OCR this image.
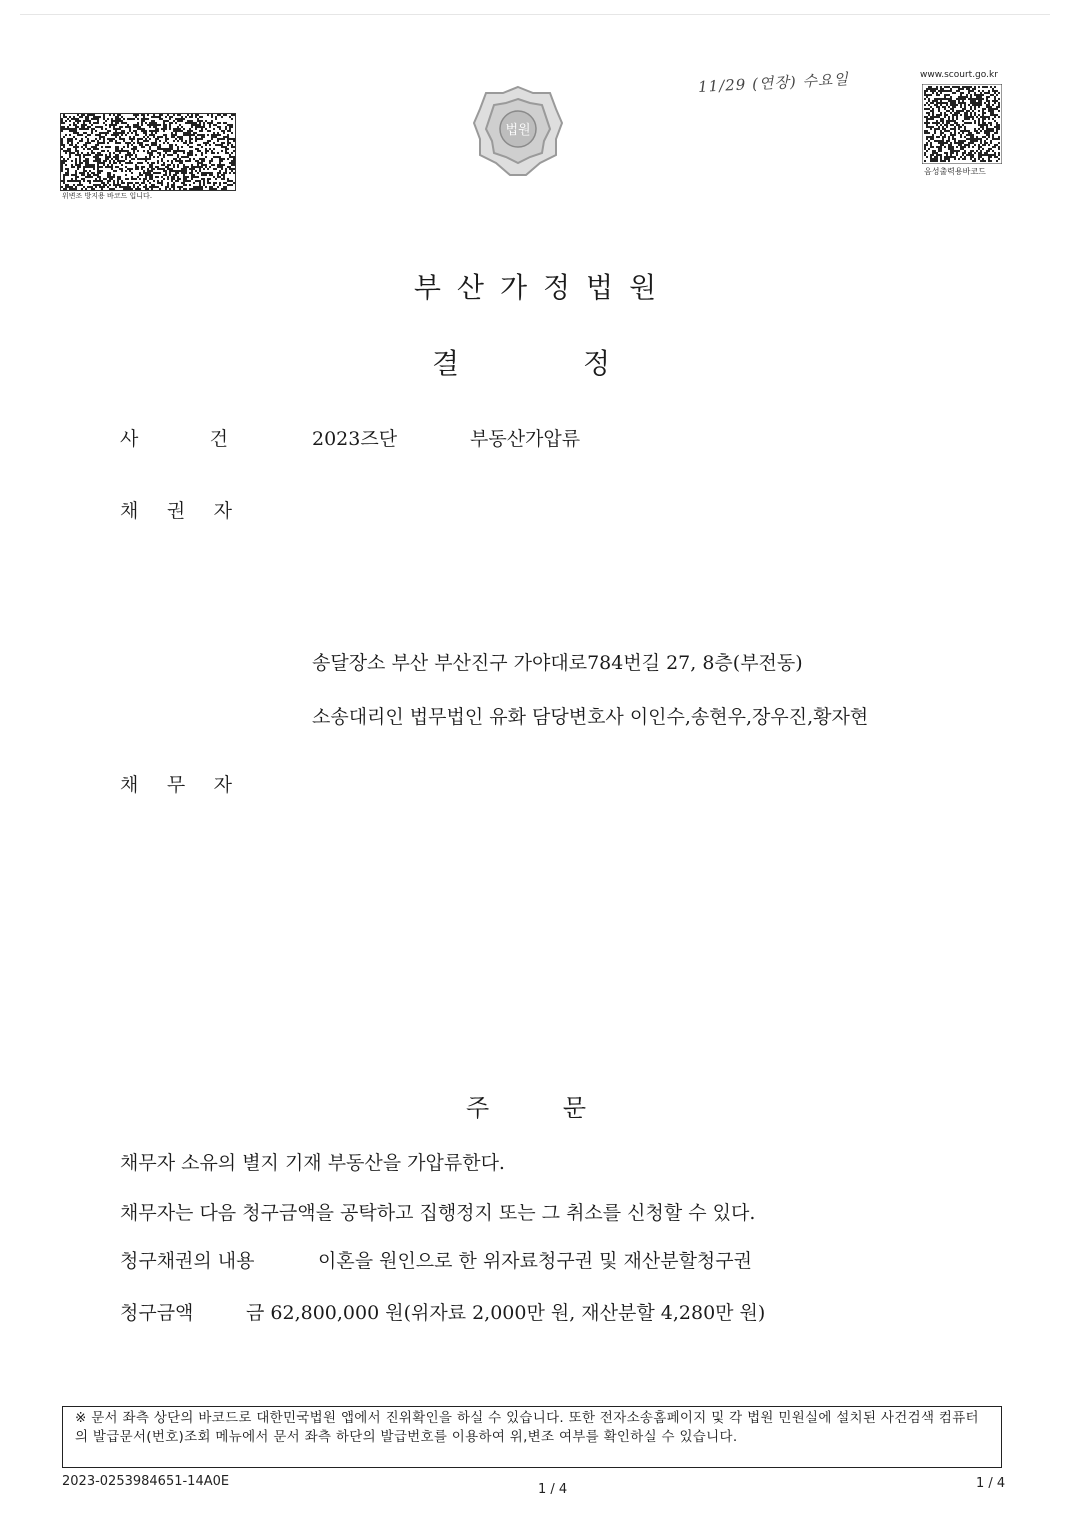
위변조 방지용 바코드 입니다.
법원
11/29 (연장) 수요일	www.scourt.go.kr
음성출력용바코드
부산가정법원
결	정
사	건	2023즈단	부동산가압류
채 권 자
송달장소 부산 부산진구 가야대로784번길 27, 8층(부전동)
소송대리인 법무법인 유화 담당변호사 이인수,송현우,장우진,황자현
채 무 자
주	문
채무자 소유의 별지 기재 부동산을 가압류한다.
채무자는 다음 청구금액을 공탁하고 집행정지 또는 그 취소를 신청할 수 있다.
청구채권의 내용	이혼을 원인으로 한 위자료청구권 및 재산분할청구권
청구금액	금 62,800,000 원(위자료 2,000만 원, 재산분할 4,280만 원)
※ 문서 좌측 상단의 바코드로 대한민국법원 앱에서 진위확인을 하실 수 있습니다. 또한 전자소송홈페이지 및 각 법원 민원실에 설치된 사건검색 컴퓨터의 발급문서(번호)조회 메뉴에서 문서 좌측 하단의 발급번호를 이용하여 위,변조 여부를 확인하실 수 있습니다.
2023-0253984651-14A0E
1 / 4	1 / 4
